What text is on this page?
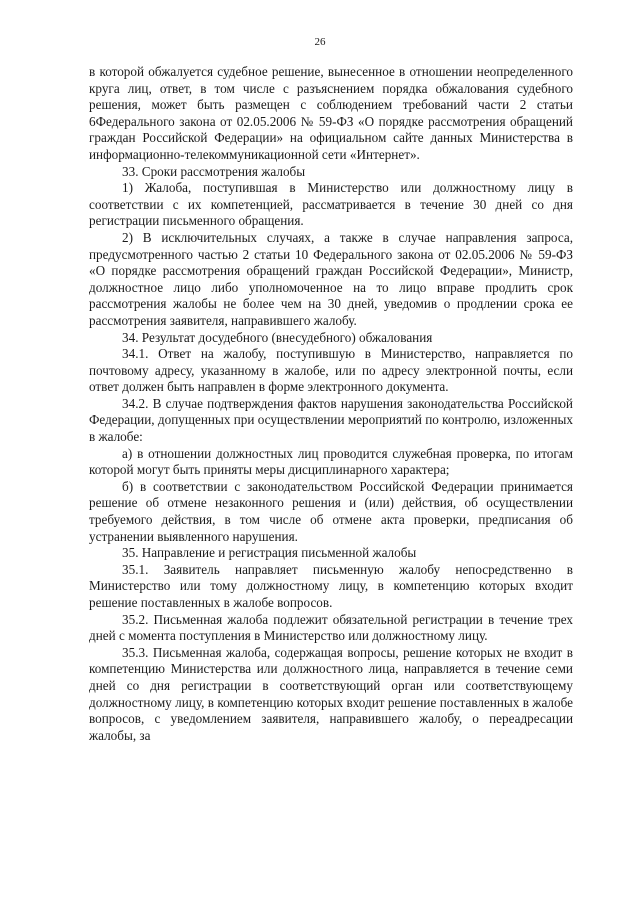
26

в которой обжалуется судебное решение, вынесенное в отношении неопределенного круга лиц, ответ, в том числе с разъяснением порядка обжалования судебного решения, может быть размещен с соблюдением требований части 2 статьи 6Федерального закона от 02.05.2006 № 59-ФЗ «О порядке рассмотрения обращений граждан Российской Федерации» на официальном сайте данных Министерства в информационно-телекоммуникационной сети «Интернет».

33. Сроки рассмотрения жалобы

1) Жалоба, поступившая в Министерство или должностному лицу в соответствии с их компетенцией, рассматривается в течение 30 дней со дня регистрации письменного обращения.

2) В исключительных случаях, а также в случае направления запроса, предусмотренного частью 2 статьи 10 Федерального закона от 02.05.2006 № 59-ФЗ «О порядке рассмотрения обращений граждан Российской Федерации», Министр, должностное лицо либо уполномоченное на то лицо вправе продлить срок рассмотрения жалобы не более чем на 30 дней, уведомив о продлении срока ее рассмотрения заявителя, направившего жалобу.

34. Результат досудебного (внесудебного) обжалования

34.1. Ответ на жалобу, поступившую в Министерство, направляется по почтовому адресу, указанному в жалобе, или по адресу электронной почты, если ответ должен быть направлен в форме электронного документа.

34.2. В случае подтверждения фактов нарушения законодательства Российской Федерации, допущенных при осуществлении мероприятий по контролю, изложенных в жалобе:

а) в отношении должностных лиц проводится служебная проверка, по итогам которой могут быть приняты меры дисциплинарного характера;

б) в соответствии с законодательством Российской Федерации принимается решение об отмене незаконного решения и (или) действия, об осуществлении требуемого действия, в том числе об отмене акта проверки, предписания об устранении выявленного нарушения.

35. Направление и регистрация письменной жалобы

35.1. Заявитель направляет письменную жалобу непосредственно в Министерство или тому должностному лицу, в компетенцию которых входит решение поставленных в жалобе вопросов.

35.2. Письменная жалоба подлежит обязательной регистрации в течение трех дней с момента поступления в Министерство или должностному лицу.

35.3. Письменная жалоба, содержащая вопросы, решение которых не входит в компетенцию Министерства или должностного лица, направляется в течение семи дней со дня регистрации в соответствующий орган или соответствующему должностному лицу, в компетенцию которых входит решение поставленных в жалобе вопросов, с уведомлением заявителя, направившего жалобу, о переадресации жалобы, за
